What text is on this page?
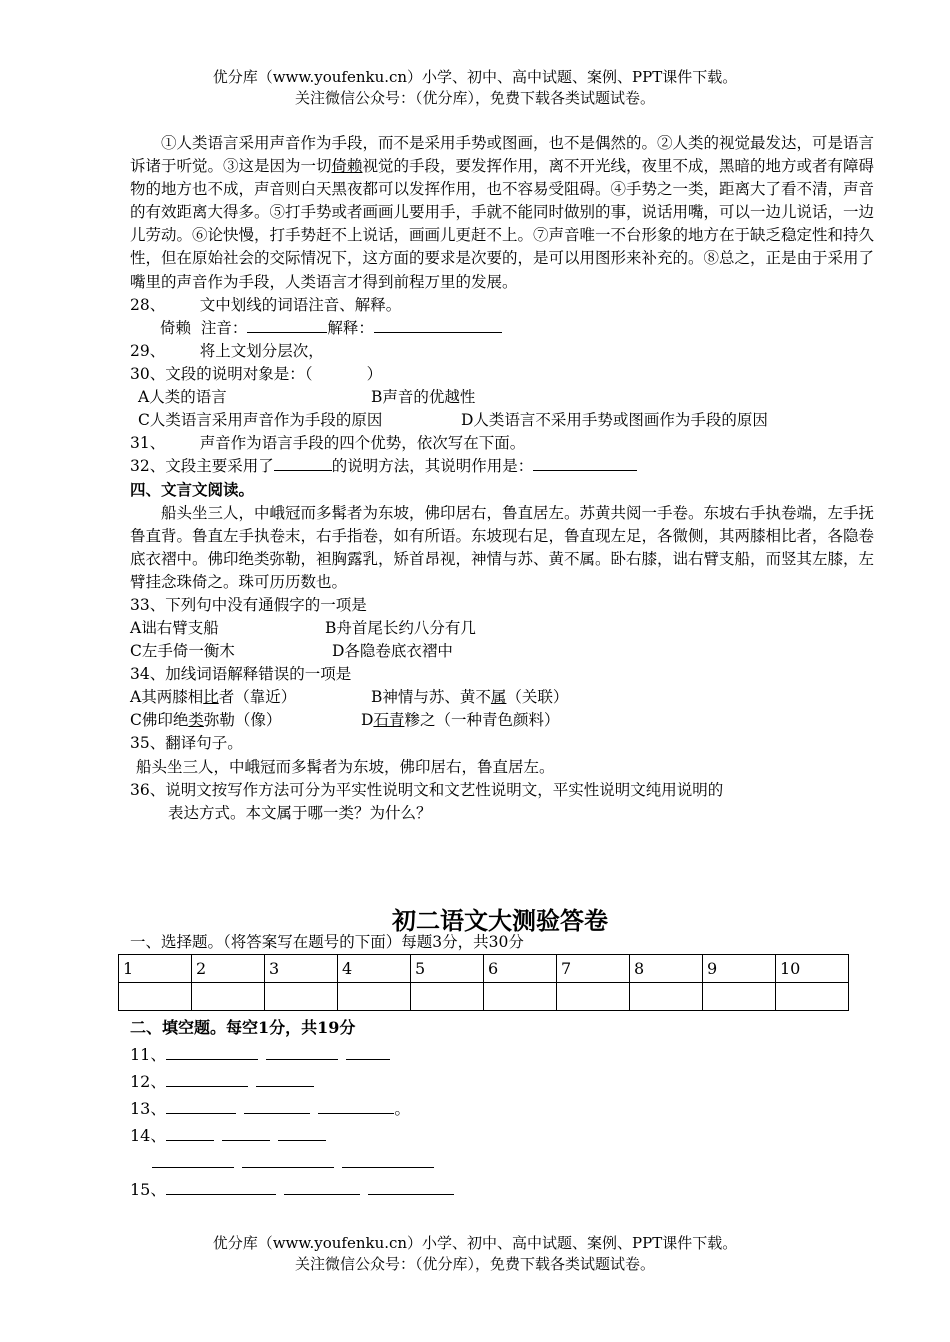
优分库（www.youfenku.cn）小学、初中、高中试题、案例、PPT课件下载。
关注微信公众号：（优分库），免费下载各类试题试卷。
①人类语言采用声音作为手段，而不是采用手势或图画，也不是偶然的。②人类的视觉最发达，可是语言诉诸于听觉。③这是因为一切倚赖视觉的手段，要发挥作用，离不开光线，夜里不成，黑暗的地方或者有障碍物的地方也不成，声音则白天黑夜都可以发挥作用，也不容易受阻碍。④手势之一类，距离大了看不清，声音的有效距离大得多。⑤打手势或者画画儿要用手，手就不能同时做别的事，说话用嘴，可以一边儿说话，一边儿劳动。⑥论快慢，打手势赶不上说话，画画儿更赶不上。⑦声音唯一不台形象的地方在于缺乏稳定性和持久性，但在原始社会的交际情况下，这方面的要求是次要的，是可以用图形来补充的。⑧总之，正是由于采用了嘴里的声音作为手段，人类语言才得到前程万里的发展。
28、       文中划线的词语注音、解释。
倚赖  注音：	解释：
29、       将上文划分层次，
30、文段的说明对象是：（           ）
A人类的语言	B声音的优越性
C人类语言采用声音作为手段的原因	D人类语言不采用手势或图画作为手段的原因
31、       声音作为语言手段的四个优势，依次写在下面。
32、文段主要采用了	的说明方法，其说明作用是：
四、文言文阅读。
船头坐三人，中峨冠而多髯者为东坡，佛印居右，鲁直居左。苏黄共阅一手卷。东坡右手执卷端，左手抚鲁直背。鲁直左手执卷末，右手指卷，如有所语。东坡现右足，鲁直现左足，各微侧，其两膝相比者，各隐卷底衣褶中。佛印绝类弥勒，袒胸露乳，矫首昂视，神情与苏、黄不属。卧右膝，诎右臂支船，而竖其左膝，左臂挂念珠倚之。珠可历历数也。
33、下列句中没有通假字的一项是
A诎右臂支船	B舟首尾长约八分有几
C左手倚一衡木	D各隐卷底衣褶中
34、加线词语解释错误的一项是
A其两膝相比者（靠近）	B神情与苏、黄不属（关联）
C佛印绝类弥勒（像）	D石青糁之（一种青色颜料）
35、翻译句子。
船头坐三人，中峨冠而多髯者为东坡，佛印居右，鲁直居左。
36、说明文按写作方法可分为平实性说明文和文艺性说明文，平实性说明文纯用说明的
表达方式。本文属于哪一类？为什么？
初二语文大测验答卷
一、选择题。（将答案写在题号的下面）每题3分，共30分
1	2	3	4	5	6	7	8	9	10

二、填空题。每空1分，共19分
11、
12、
13、	。
14、
15、
优分库（www.youfenku.cn）小学、初中、高中试题、案例、PPT课件下载。
关注微信公众号：（优分库），免费下载各类试题试卷。
